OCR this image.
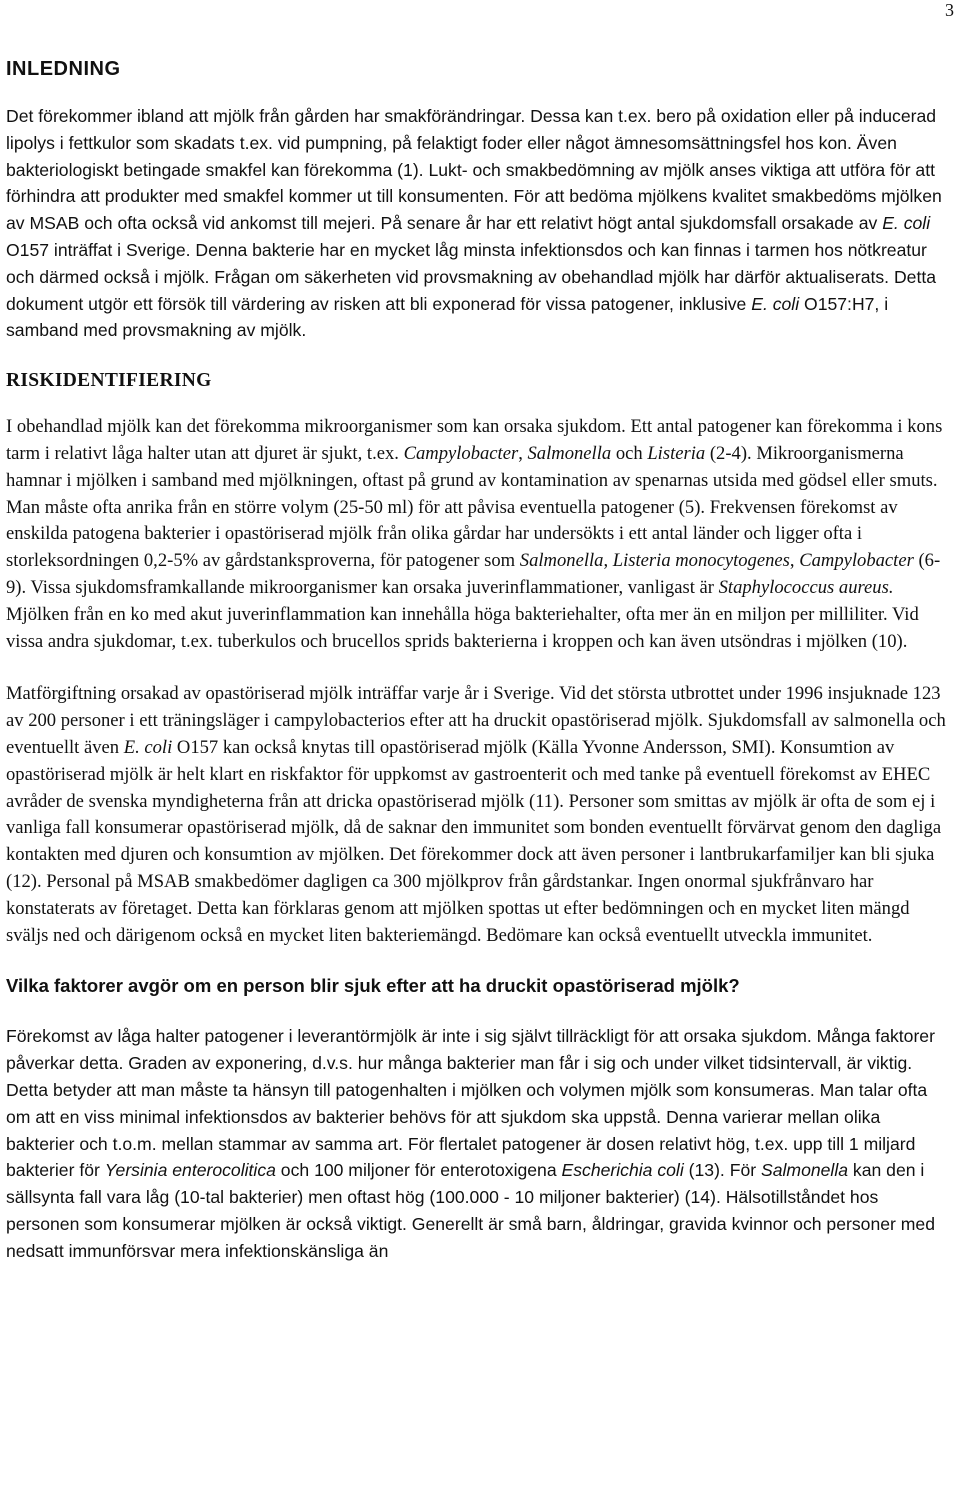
3
INLEDNING

Det förekommer ibland att mjölk från gården har smakförändringar. Dessa kan t.ex. bero på oxidation eller på inducerad lipolys i fettkulor som skadats t.ex. vid pumpning, på felaktigt foder eller något ämnesomsättningsfel hos kon. Även bakteriologiskt betingade smakfel kan förekomma (1). Lukt- och smakbedömning av mjölk anses viktiga att utföra för att förhindra att produkter med smakfel kommer ut till konsumenten. För att bedöma mjölkens kvalitet smakbedöms mjölken av MSAB och ofta också vid ankomst till mejeri. På senare år har ett relativt högt antal sjukdomsfall orsakade av E. coli O157 inträffat i Sverige. Denna bakterie har en mycket låg minsta infektionsdos och kan finnas i tarmen hos nötkreatur och därmed också i mjölk. Frågan om säkerheten vid provsmakning av obehandlad mjölk har därför aktualiserats. Detta dokument utgör ett försök till värdering av risken att bli exponerad för vissa patogener, inklusive E. coli O157:H7, i samband med provsmakning av mjölk.

RISKIDENTIFIERING

I obehandlad mjölk kan det förekomma mikroorganismer som kan orsaka sjukdom. Ett antal patogener kan förekomma i kons tarm i relativt låga halter utan att djuret är sjukt, t.ex. Campylobacter, Salmonella och Listeria (2-4). Mikroorganismerna hamnar i mjölken i samband med mjölkningen, oftast på grund av kontamination av spenarnas utsida med gödsel eller smuts. Man måste ofta anrika från en större volym (25-50 ml) för att påvisa eventuella patogener (5). Frekvensen förekomst av enskilda patogena bakterier i opastöriserad mjölk från olika gårdar har undersökts i ett antal länder och ligger ofta i storleksordningen 0,2-5% av gårdstanksproverna, för patogener som Salmonella, Listeria monocytogenes, Campylobacter (6-9). Vissa sjukdomsframkallande mikroorganismer kan orsaka juverinflammationer, vanligast är Staphylococcus aureus. Mjölken från en ko med akut juverinflammation kan innehålla höga bakteriehalter, ofta mer än en miljon per milliliter. Vid vissa andra sjukdomar, t.ex. tuberkulos och brucellos sprids bakterierna i kroppen och kan även utsöndras i mjölken (10).

Matförgiftning orsakad av opastöriserad mjölk inträffar varje år i Sverige. Vid det största utbrottet under 1996 insjuknade 123 av 200 personer i ett träningsläger i campylobacterios efter att ha druckit opastöriserad mjölk. Sjukdomsfall av salmonella och eventuellt även E. coli O157 kan också knytas till opastöriserad mjölk (Källa Yvonne Andersson, SMI). Konsumtion av opastöriserad mjölk är helt klart en riskfaktor för uppkomst av gastroenterit och med tanke på eventuell förekomst av EHEC avråder de svenska myndigheterna från att dricka opastöriserad mjölk (11). Personer som smittas av mjölk är ofta de som ej i vanliga fall konsumerar opastöriserad mjölk, då de saknar den immunitet som bonden eventuellt förvärvat genom den dagliga kontakten med djuren och konsumtion av mjölken. Det förekommer dock att även personer i lantbrukarfamiljer kan bli sjuka (12). Personal på MSAB smakbedömer dagligen ca 300 mjölkprov från gårdstankar. Ingen onormal sjukfrånvaro har konstaterats av företaget. Detta kan förklaras genom att mjölken spottas ut efter bedömningen och en mycket liten mängd sväljs ned och därigenom också en mycket liten bakteriemängd. Bedömare kan också eventuellt utveckla immunitet.

Vilka faktorer avgör om en person blir sjuk efter att ha druckit opastöriserad mjölk?

Förekomst av låga halter patogener i leverantörmjölk är inte i sig självt tillräckligt för att orsaka sjukdom. Många faktorer påverkar detta. Graden av exponering, d.v.s. hur många bakterier man får i sig och under vilket tidsintervall, är viktig. Detta betyder att man måste ta hänsyn till patogenhalten i mjölken och volymen mjölk som konsumeras. Man talar ofta om att en viss minimal infektionsdos av bakterier behövs för att sjukdom ska uppstå. Denna varierar mellan olika bakterier och t.o.m. mellan stammar av samma art. För flertalet patogener är dosen relativt hög, t.ex. upp till 1 miljard bakterier för Yersinia enterocolitica och 100 miljoner för enterotoxigena Escherichia coli (13). För Salmonella kan den i sällsynta fall vara låg (10-tal bakterier) men oftast hög (100.000 - 10 miljoner bakterier) (14). Hälsotillståndet hos personen som konsumerar mjölken är också viktigt. Generellt är små barn, åldringar, gravida kvinnor och personer med nedsatt immunförsvar mera infektionskänsliga än
